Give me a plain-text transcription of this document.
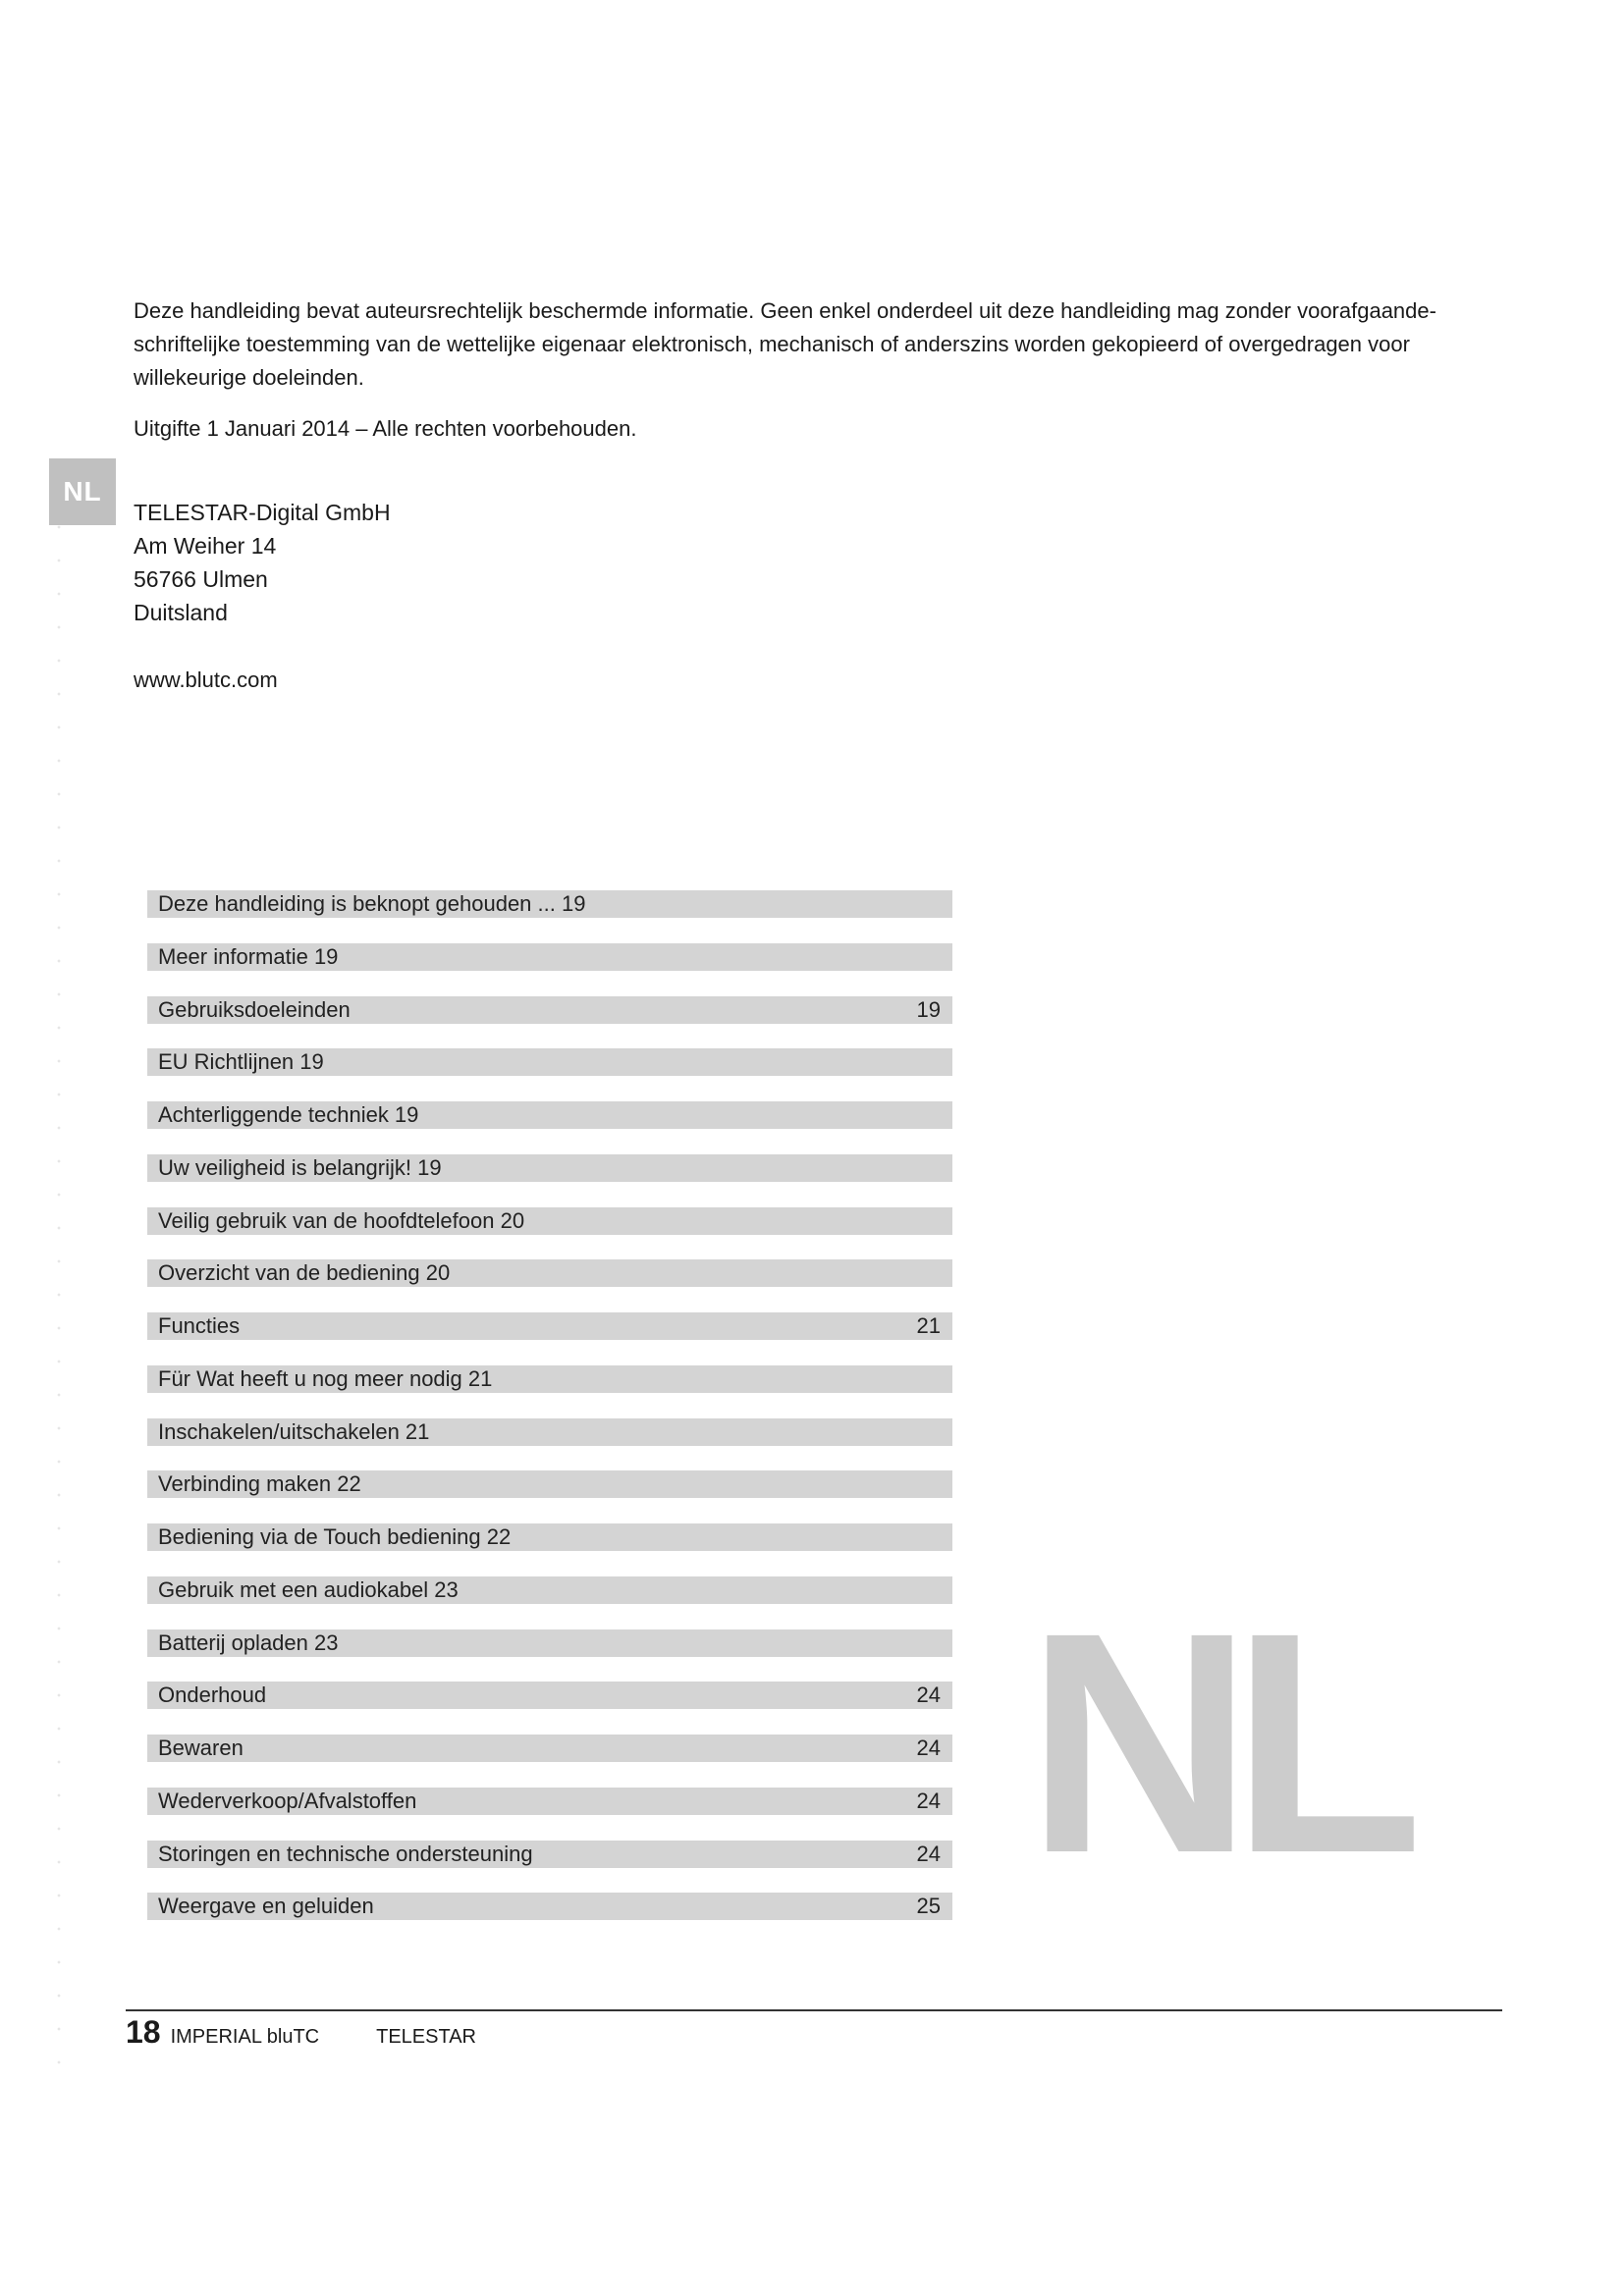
NL

Deze handleiding bevat auteursrechtelijk beschermde informatie. Geen enkel onderdeel uit deze handleiding mag zonder voorafgaande-schriftelijke toestemming van de wettelijke eigenaar elektronisch, mechanisch of anderszins worden gekopieerd of overgedragen voor willekeurige doeleinden.

Uitgifte 1 Januari 2014 – Alle rechten voorbehouden.

TELESTAR-Digital GmbH
Am Weiher 14
56766 Ulmen
Duitsland
www.blutc.com
Deze handleiding is beknopt gehouden ... 19
Meer informatie 19
Gebruiksdoeleinden	19
EU Richtlijnen 19
Achterliggende techniek 19
Uw veiligheid is belangrijk! 19
Veilig gebruik van de hoofdtelefoon 20
Overzicht van de bediening 20
Functies	21
Für Wat heeft u nog meer nodig 21
Inschakelen/uitschakelen 21
Verbinding maken 22
Bediening via de Touch bediening 22
Gebruik met een audiokabel 23
Batterij opladen 23
Onderhoud	24
Bewaren	24
Wederverkoop/Afvalstoffen	24
Storingen en technische ondersteuning	24
Weergave en geluiden	25 NL
18 IMPERIAL bluTC	TELESTAR
